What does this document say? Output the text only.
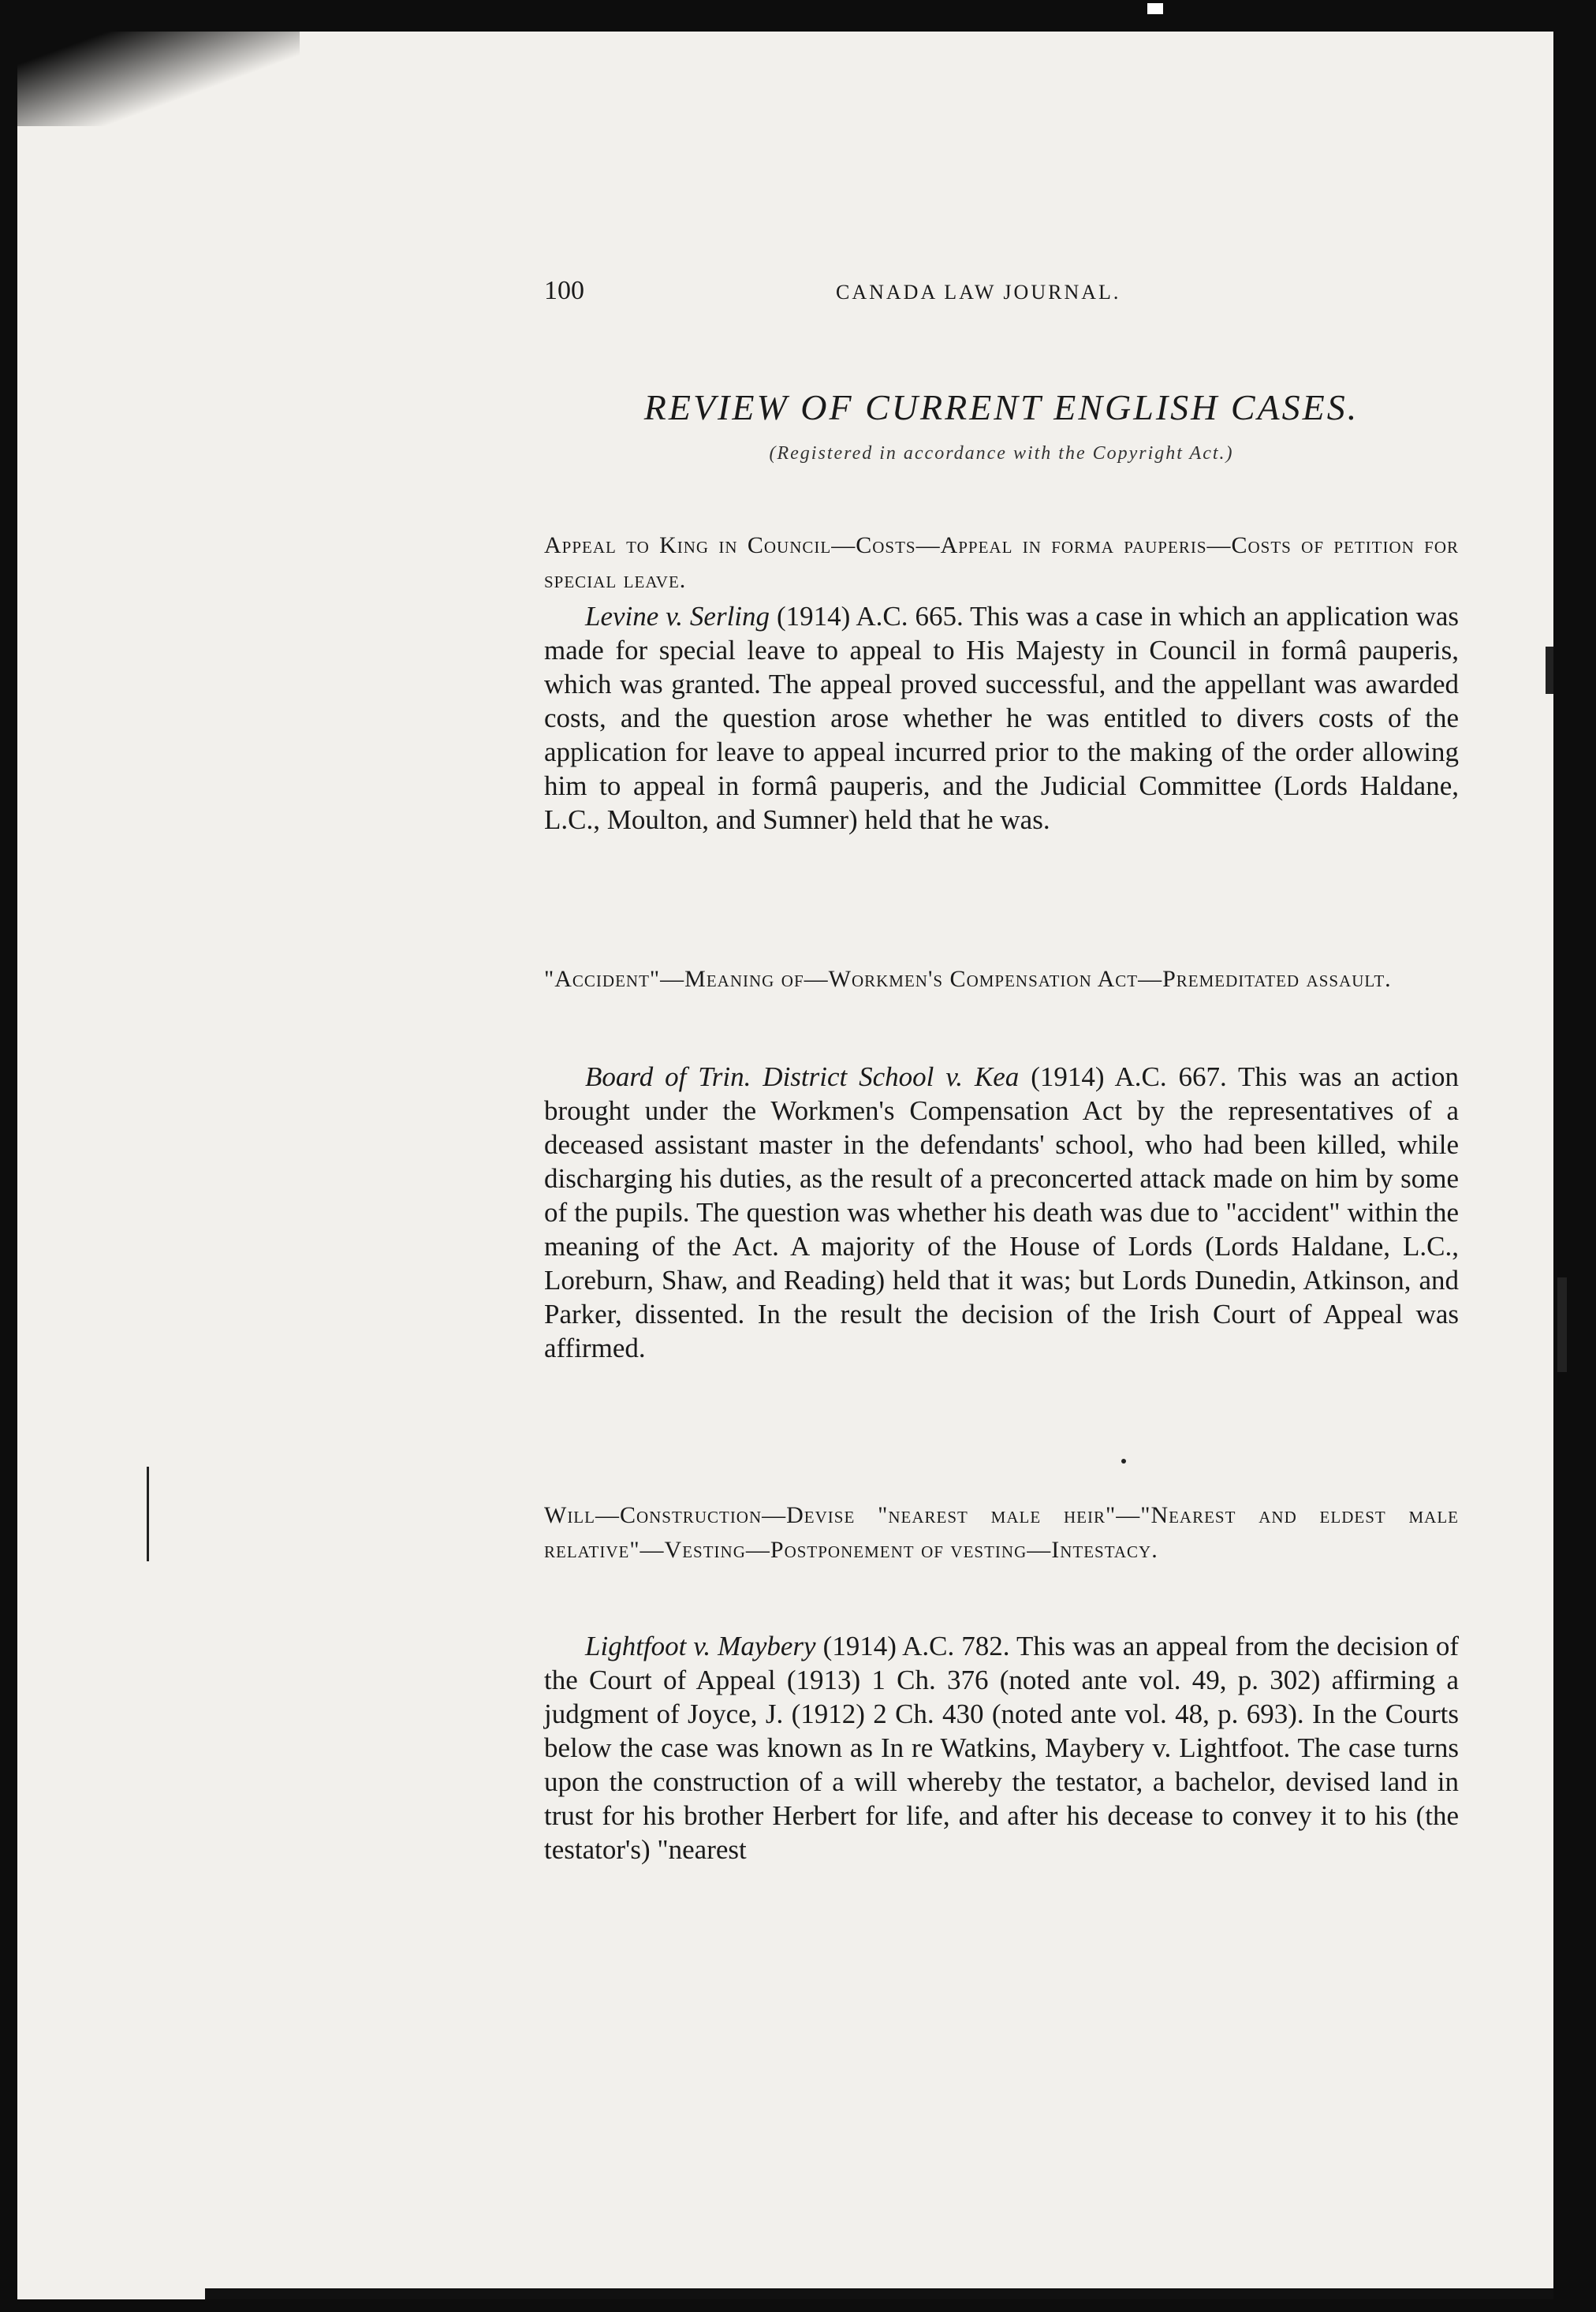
100	CANADA LAW JOURNAL.
REVIEW OF CURRENT ENGLISH CASES.
(Registered in accordance with the Copyright Act.)
Appeal to King in Council—Costs—Appeal in forma pauperis—Costs of petition for special leave.
Levine v. Serling (1914) A.C. 665. This was a case in which an application was made for special leave to appeal to His Majesty in Council in formâ pauperis, which was granted. The appeal proved successful, and the appellant was awarded costs, and the question arose whether he was entitled to divers costs of the application for leave to appeal incurred prior to the making of the order allowing him to appeal in formâ pauperis, and the Judicial Committee (Lords Haldane, L.C., Moulton, and Sumner) held that he was.
"Accident"—Meaning of—Workmen's Compensation Act—Premeditated assault.
Board of Trin. District School v. Kea (1914) A.C. 667. This was an action brought under the Workmen's Compensation Act by the representatives of a deceased assistant master in the defendants' school, who had been killed, while discharging his duties, as the result of a preconcerted attack made on him by some of the pupils. The question was whether his death was due to "accident" within the meaning of the Act. A majority of the House of Lords (Lords Haldane, L.C., Loreburn, Shaw, and Reading) held that it was; but Lords Dunedin, Atkinson, and Parker, dissented. In the result the decision of the Irish Court of Appeal was affirmed.
Will—Construction—Devise "nearest male heir"—"Nearest and eldest male relative"—Vesting—Postponement of vesting—Intestacy.
Lightfoot v. Maybery (1914) A.C. 782. This was an appeal from the decision of the Court of Appeal (1913) 1 Ch. 376 (noted ante vol. 49, p. 302) affirming a judgment of Joyce, J. (1912) 2 Ch. 430 (noted ante vol. 48, p. 693). In the Courts below the case was known as In re Watkins, Maybery v. Lightfoot. The case turns upon the construction of a will whereby the testator, a bachelor, devised land in trust for his brother Herbert for life, and after his decease to convey it to his (the testator's) "nearest
